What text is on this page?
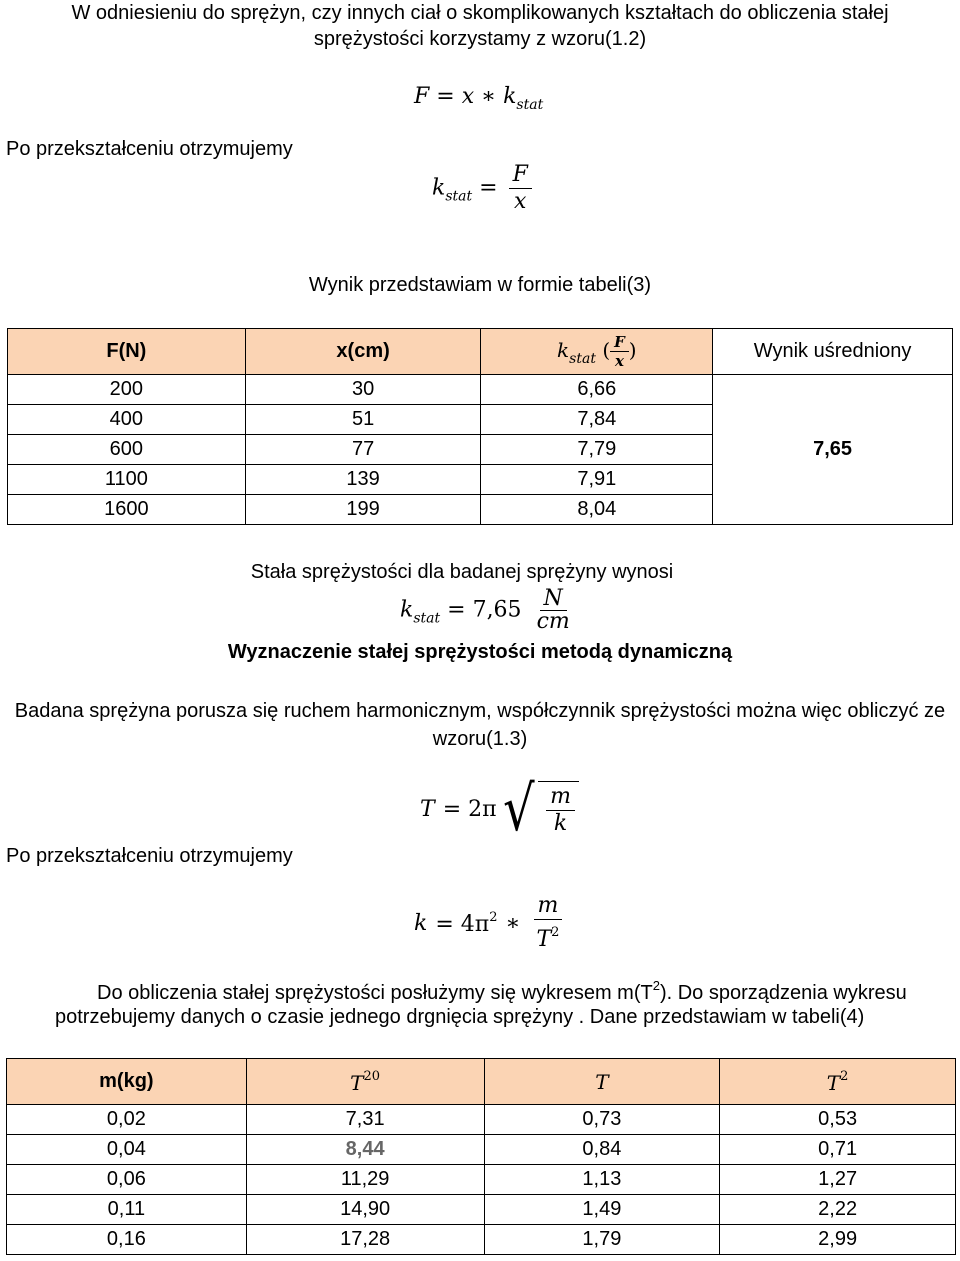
W odniesieniu do sprężyn, czy innych ciał o skomplikowanych kształtach do obliczenia stałej sprężystości korzystamy z wzoru(1.2)
F = x ∗ $k_{stat}$
Po przekształceniu otrzymujemy
$k_{stat} = \frac{F}{x}$
Wynik przedstawiam w formie tabeli(3)
F(N)	x(cm)	$k_{stat}$ ( $\frac{F}{x}$ )	Wynik uśredniony
200	30	6,66	7,65
400	51	7,84	
600	77	7,79	
1100	139	7,91	
1600	199	8,04	
Stała sprężystości dla badanej sprężyny wynosi
$k_{stat} = 7,65 \frac{N}{cm}$
Wyznaczenie stałej sprężystości metodą dynamiczną
Badana sprężyna porusza się ruchem harmonicznym, współczynnik sprężystości można więc obliczyć ze wzoru(1.3)
T = 2π √ $\frac{m}{k}$
Po przekształceniu otrzymujemy
$k = 4\pi^2$ ∗ $\frac{m}{T^2}$
Do obliczenia stałej sprężystości posłużymy się wykresem $m(T^2)$. Do sporządzenia wykresu
potrzebujemy danych o czasie jednego drgnięcia sprężyny . Dane przedstawiam w tabeli(4)
m(kg)	$T^{20}$	T	$T^2$
0,02	7,31	0,73	0,53
0,04	8,44	0,84	0,71
0,06	11,29	1,13	1,27
0,11	14,90	1,49	2,22
0,16	17,28	1,79	2,99
